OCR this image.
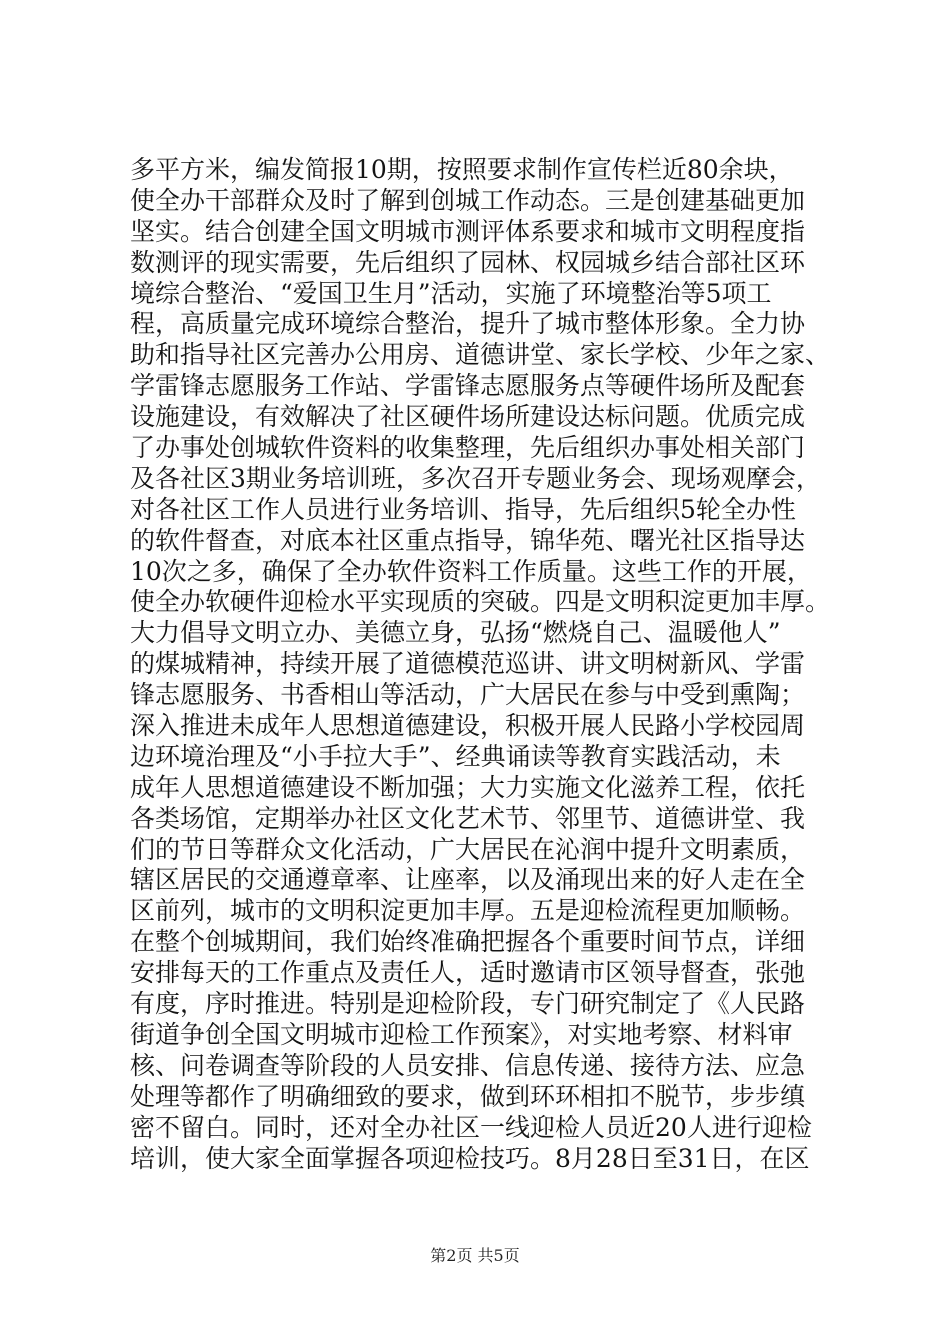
多平方米，编发简报10期，按照要求制作宣传栏近80余块，
使全办干部群众及时了解到创城工作动态。三是创建基础更加
坚实。结合创建全国文明城市测评体系要求和城市文明程度指
数测评的现实需要，先后组织了园林、权园城乡结合部社区环
境综合整治、“爱国卫生月”活动，实施了环境整治等5项工
程，高质量完成环境综合整治，提升了城市整体形象。全力协
助和指导社区完善办公用房、道德讲堂、家长学校、少年之家、
学雷锋志愿服务工作站、学雷锋志愿服务点等硬件场所及配套
设施建设，有效解决了社区硬件场所建设达标问题。优质完成
了办事处创城软件资料的收集整理，先后组织办事处相关部门
及各社区3期业务培训班，多次召开专题业务会、现场观摩会，
对各社区工作人员进行业务培训、指导，先后组织5轮全办性
的软件督查，对底本社区重点指导，锦华苑、曙光社区指导达
10次之多，确保了全办软件资料工作质量。这些工作的开展，
使全办软硬件迎检水平实现质的突破。四是文明积淀更加丰厚。
大力倡导文明立办、美德立身，弘扬“燃烧自己、温暖他人”
的煤城精神，持续开展了道德模范巡讲、讲文明树新风、学雷
锋志愿服务、书香相山等活动，广大居民在参与中受到熏陶；
深入推进未成年人思想道德建设，积极开展人民路小学校园周
边环境治理及“小手拉大手”、经典诵读等教育实践活动，未
成年人思想道德建设不断加强；大力实施文化滋养工程，依托
各类场馆，定期举办社区文化艺术节、邻里节、道德讲堂、我
们的节日等群众文化活动，广大居民在沁润中提升文明素质，
辖区居民的交通遵章率、让座率，以及涌现出来的好人走在全
区前列，城市的文明积淀更加丰厚。五是迎检流程更加顺畅。
在整个创城期间，我们始终准确把握各个重要时间节点，详细
安排每天的工作重点及责任人，适时邀请市区领导督查，张弛
有度，序时推进。特别是迎检阶段，专门研究制定了《人民路
街道争创全国文明城市迎检工作预案》，对实地考察、材料审
核、问卷调查等阶段的人员安排、信息传递、接待方法、应急
处理等都作了明确细致的要求，做到环环相扣不脱节，步步缜
密不留白。同时，还对全办社区一线迎检人员近20人进行迎检
培训，使大家全面掌握各项迎检技巧。8月28日至31日，在区
第2页 共5页
